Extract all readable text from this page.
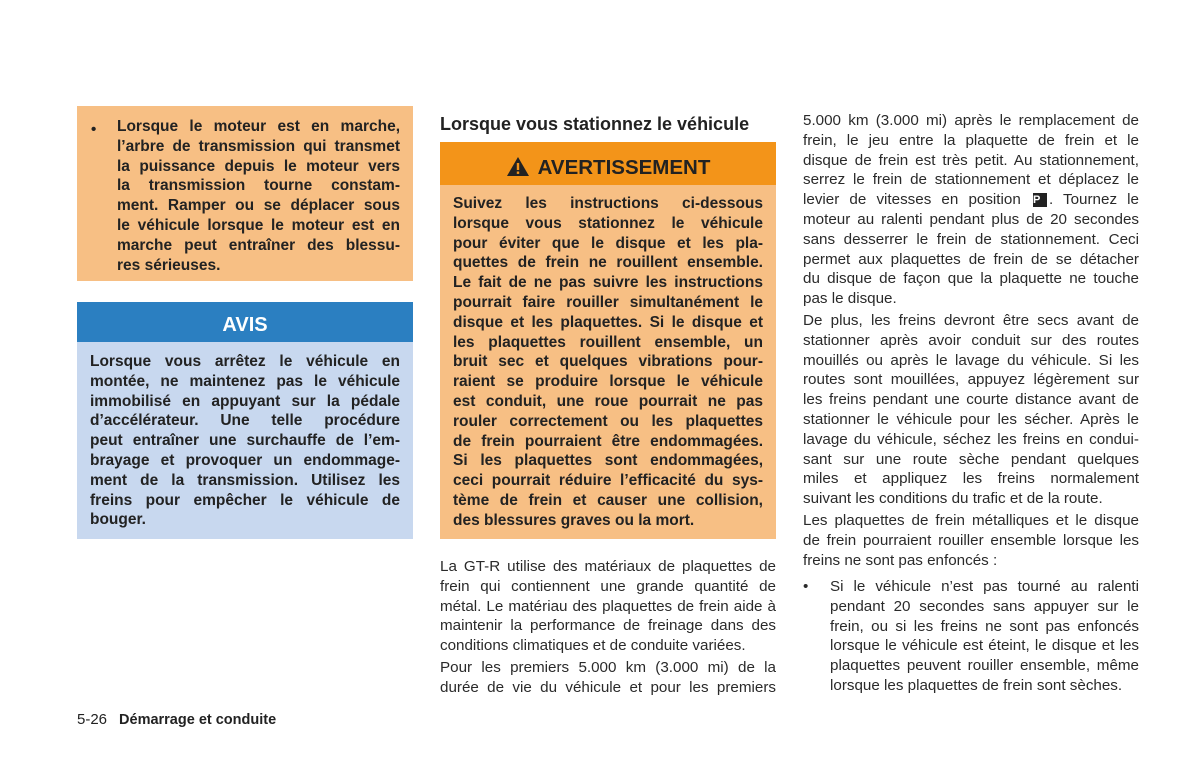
• Lorsque le moteur est en marche,
l’arbre de transmission qui transmet
la puissance depuis le moteur vers
la transmission tourne constam-
ment. Ramper ou se déplacer sous
le véhicule lorsque le moteur est en
marche peut entraîner des blessu-
res sérieuses.
AVIS
Lorsque vous arrêtez le véhicule en
montée, ne maintenez pas le véhicule
immobilisé en appuyant sur la pédale
d’accélérateur. Une telle procédure
peut entraîner une surchauffe de l’em-
brayage et provoquer un endommage-
ment de la transmission. Utilisez les
freins pour empêcher le véhicule de
bouger.
Lorsque vous stationnez le véhicule
AVERTISSEMENT
Suivez les instructions ci-dessous
lorsque vous stationnez le véhicule
pour éviter que le disque et les pla-
quettes de frein ne rouillent ensemble.
Le fait de ne pas suivre les instructions
pourrait faire rouiller simultanément le
disque et les plaquettes. Si le disque et
les plaquettes rouillent ensemble, un
bruit sec et quelques vibrations pour-
raient se produire lorsque le véhicule
est conduit, une roue pourrait ne pas
rouler correctement ou les plaquettes
de frein pourraient être endommagées.
Si les plaquettes sont endommagées,
ceci pourrait réduire l’efficacité du sys-
tème de frein et causer une collision,
des blessures graves ou la mort.
La GT-R utilise des matériaux de plaquettes de
frein qui contiennent une grande quantité de
métal. Le matériau des plaquettes de frein aide à
maintenir la performance de freinage dans des
conditions climatiques et de conduite variées.
Pour les premiers 5.000 km (3.000 mi) de la
durée de vie du véhicule et pour les premiers
5.000 km (3.000 mi) après le remplacement de
frein, le jeu entre la plaquette de frein et le
disque de frein est très petit. Au stationnement,
serrez le frein de stationnement et déplacez le
levier de vitesses en position P . Tournez le
moteur au ralenti pendant plus de 20 secondes
sans desserrer le frein de stationnement. Ceci
permet aux plaquettes de frein de se détacher
du disque de façon que la plaquette ne touche
pas le disque.
De plus, les freins devront être secs avant de
stationner après avoir conduit sur des routes
mouillés ou après le lavage du véhicule. Si les
routes sont mouillées, appuyez légèrement sur
les freins pendant une courte distance avant de
stationner le véhicule pour les sécher. Après le
lavage du véhicule, séchez les freins en condui-
sant sur une route sèche pendant quelques
miles et appliquez les freins normalement
suivant les conditions du trafic et de la route.
Les plaquettes de frein métalliques et le disque
de frein pourraient rouiller ensemble lorsque les
freins ne sont pas enfoncés :
• Si le véhicule n’est pas tourné au ralenti
pendant 20 secondes sans appuyer sur le
frein, ou si les freins ne sont pas enfoncés
lorsque le véhicule est éteint, le disque et les
plaquettes peuvent rouiller ensemble, même
lorsque les plaquettes de frein sont sèches.
5-26 Démarrage et conduite
